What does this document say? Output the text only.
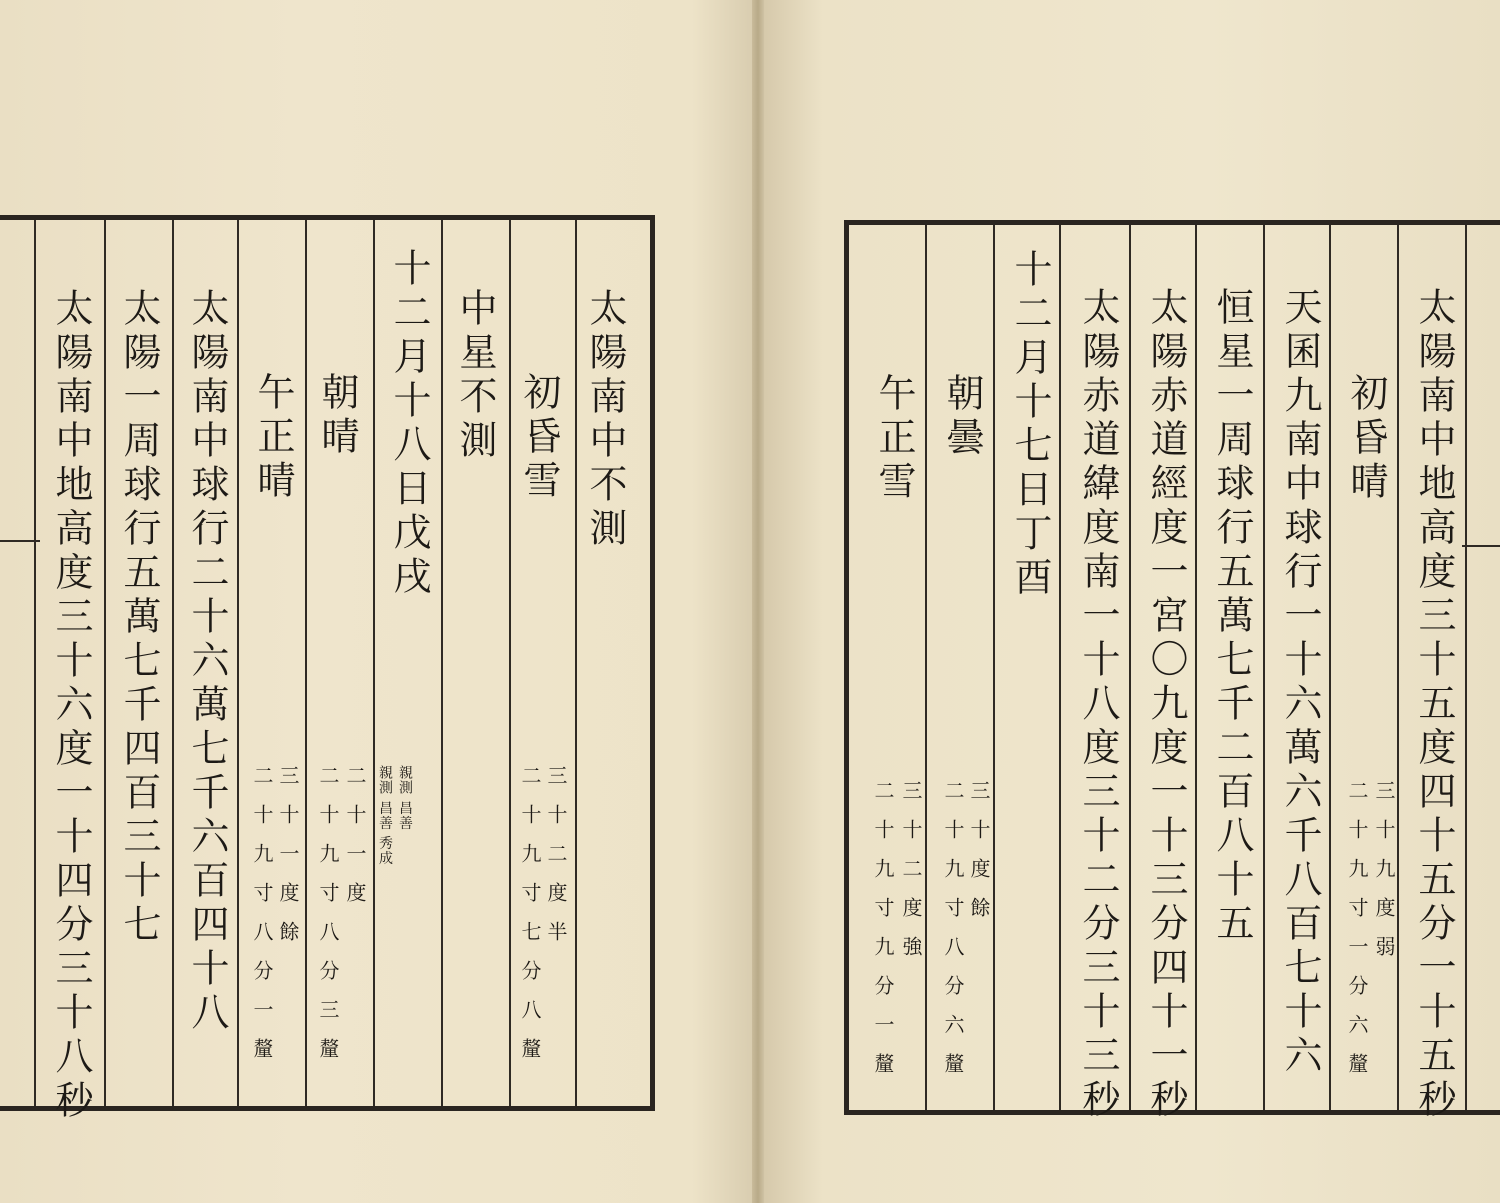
太陽南中不測
初昏雪
三十二度半
二十九寸七分八釐
中星不測
十二月十八日戊戌
親測 昌善
親測 昌善 秀成
朝晴
二十一度
二十九寸八分三釐
午正晴
三十一度餘
二十九寸八分一釐
太陽南中球行二十六萬七千六百四十八
太陽一周球行五萬七千四百三十七
太陽南中地高度三十六度一十四分三十八秒	太陽南中地高度三十五度四十五分一十五秒
初昏晴
三十九度弱
二十九寸一分六釐
天囷九南中球行一十六萬六千八百七十六
恒星一周球行五萬七千二百八十五
太陽赤道經度一宮〇九度一十三分四十一秒
太陽赤道緯度南一十八度三十二分三十三秒
十二月十七日丁酉
朝曇
三十度餘
二十九寸八分六釐
午正雪
三十二度強
二十九寸九分一釐
